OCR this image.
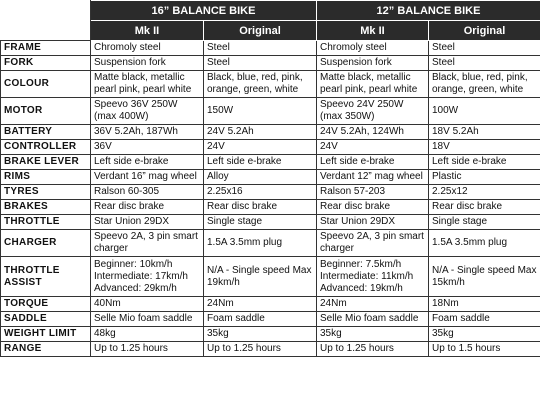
	16” BALANCE BIKE		12” BALANCE BIKE	
	Mk II	Original	Mk II	Original
FRAME	Chromoly steel	Steel	Chromoly steel	Steel
FORK	Suspension fork	Steel	Suspension fork	Steel
COLOUR	Matte black, metallic pearl pink, pearl white	Black, blue, red, pink, orange, green, white	Matte black, metallic pearl pink, pearl white	Black, blue, red, pink, orange, green, white
MOTOR	Speevo 36V 250W (max 400W)	150W	Speevo 24V 250W (max 350W)	100W
BATTERY	36V 5.2Ah, 187Wh	24V 5.2Ah	24V 5.2Ah, 124Wh	18V 5.2Ah
CONTROLLER	36V	24V	24V	18V
BRAKE LEVER	Left side e-brake	Left side e-brake	Left side e-brake	Left side e-brake
RIMS	Verdant 16” mag wheel	Alloy	Verdant 12” mag wheel	Plastic
TYRES	Ralson 60-305	2.25x16	Ralson 57-203	2.25x12
BRAKES	Rear disc brake	Rear disc brake	Rear disc brake	Rear disc brake
THROTTLE	Star Union 29DX	Single stage	Star Union 29DX	Single stage
CHARGER	Speevo 2A, 3 pin smart charger	1.5A 3.5mm plug	Speevo 2A, 3 pin smart charger	1.5A 3.5mm plug
THROTTLE ASSIST	Beginner: 10km/h Intermediate: 17km/h Advanced: 29km/h	N/A - Single speed Max 19km/h	Beginner: 7.5km/h Intermediate: 11km/h Advanced: 19km/h	N/A - Single speed Max 15km/h
TORQUE	40Nm	24Nm	24Nm	18Nm
SADDLE	Selle Mio foam saddle	Foam saddle	Selle Mio foam saddle	Foam saddle
WEIGHT LIMIT	48kg	35kg	35kg	35kg
RANGE	Up to 1.25 hours	Up to 1.25 hours	Up to 1.25 hours	Up to 1.5 hours
